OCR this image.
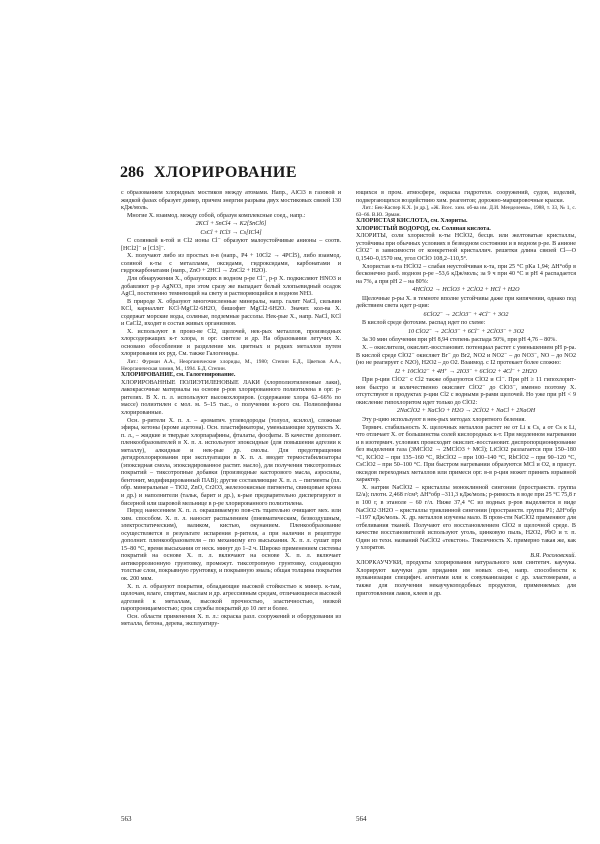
286 ХЛОРИРОВАНИЕ

с образованием хлоридных мостиков между атомами. Напр., AlCl3 в газовой и жидкой фазах образует димер, причем энергия разрыва двух мостиковых связей 130 кДж/моль.

Многие Х. взаимод. между собой, образуя комплексные соед., напр.:

2KCl + SnCl4 → K2[SnCl6]

CsCl + ICl3 → Cs[ICl4]

С солянкой к-той и Cl2 ионы Cl⁻ образуют малоустойчивые анионы – соотв. [HCl2]⁻ и [Cl3]⁻.

Х. получают либо из простых в-в (напр., P4 + 10Cl2 → 4PCl5), либо взаимод. соляной к-ты с металлами, оксидами, гидроксидами, карбонатами и гидрокарбонатами (напр., ZnO + 2HCl → ZnCl2 + H2O).

Для обнаружения Х., образующих в водном р-ре Cl⁻, р-р Х. подкисляют HNO3 и добавляют р-р AgNO3, при этом сразу же выпадает белый хлопьевидный осадок AgCl, постепенно темнеющий на свету и растворяющийся в водном NH3.

В природе Х. образуют многочисленные минералы, напр. галит NaCl, сильвин KCl, карналлит KCl·MgCl2·6H2O, бишофит MgCl2·6H2O. Значит. кол-ва Х. содержат морские воды, соляные, подземные рассолы. Нек-рые Х., напр. NaCl, KCl и CaCl2, входят в состав живых организмов.

Х. используют в произ-ве Cl2, щелочей, нек-рых металлов, производных хлорсодержащих к-т хлора, в орг. синтезе и др. На образовании летучих Х. основано обособление и разделение мн. цветных и редких металлов путем хлорирования их руд. См. также Галогениды.

Лит.: Фурман А.А., Неорганические хлориды, М., 1980; Степин Б.Д., Цветков А.А., Неорганическая химия, М., 1994. Б.Д. Степин.

ХЛОРИРОВАНИЕ, см. Галогенирование.

ХЛОРИРОВАННЫЕ ПОЛИЭТИЛЕНОВЫЕ ЛАКИ (хлорполиэтиленовые лаки), лакокрасочные материалы на основе р-ров хлорированного полиэтилена в орг. р-рителях. В Х. п. л. используют высокохлориров. (содержание хлора 62–66% по массе) полиэтилен с мол. м. 5–15 тыс., о получении к-рого см. Полиолефины хлорированные.

Осн. р-рители Х. п. л. – ароматич. углеводороды (толуол, ксилол), сложные эфиры, кетоны (кроме ацетона). Осн. пластификаторы, уменьшающие хрупкость Х. п. л., – жидкие и твердые хлорпарафины, фталаты, фосфаты. В качестве дополнит. пленкообразователей в Х. п. л. используют эпоксидные (для повышения адгезии к металлу), алкидные и нек-рые др. смолы. Для предотвращения дегидрохлорирования при эксплуатации в Х. п. л. вводят термостабилизаторы (эпоксидная смола, эпоксидированное растит. масло), для получения тиксотропных покрытий – тиксотропные добавки (производные касторового масла, аэросилы, бентонит, модифицированный ПАВ); другие составляющие Х. п. л. – пигменты (пл. обр. минеральные – TiO2, ZnO, Cr2O3, железоокисные пигменты, свинцовые крона и др.) и наполнители (тальк, барит и др.), к-рые предварительно диспергируют в бисерной или шаровой мельнице в р-ре хлорированного полиэтилена.

Перед нанесением Х. п. л. окрашиваемую пов-сть тщательно очищают мех. или хим. способом. Х. п. л. наносят распылением (пневматическим, безвоздушным, электростатическим), валиком, кистью, окунанием. Пленкообразование осуществляется в результате испарения р-рителя, а при наличии в рецептуре дополнит. пленкообразователя – по механизму его высыхания. Х. п. л. сушат при 15–80 °C, время высыхания от неск. минут до 1–2 ч. Широко применением системы покрытий на основе Х. п. л. включают на основе Х. п. л. включает антикоррозионную грунтовку, промежут. тиксотропную грунтовку, создающую толстые слои, покрывную грунтовку, и покрывную эмаль; общая толщина покрытия ок. 200 мкм.

Х. п. л. образуют покрытия, обладающие высокой стойкостью к минер. к-там, щелочам, влаге, спиртам, маслам и др. агрессивным средам, отличающиеся высокой адгезией к металлам, высокой прочностью, эластичностью, низкой паропроницаемостью; срок службы покрытий до 10 лет и более.

Осн. области применения Х. п. л.: окраска разл. сооружений и оборудования из металла, бетона, дерева, эксплуатиру-

ющихся в пром. атмосфере, окраска гидротехн. сооружений, судов, изделий, подвергающихся воздействию хим. реагентов; дорожно-маркировочные краски.

Лит.: Бек-Каспер К.Х. [и др.], «Ж. Всес. хим. об-ва им. Д.И. Менделеева», 1988, т. 33, № 1, с. 63–66. В.Ю. Эрман.

ХЛОРИСТАЯ КИСЛОТА, см. Хлориты.

ХЛОРИСТЫЙ ВОДОРОД, см. Соляная кислота.

ХЛОРИТЫ, соли хлористой к-ты HClO2, бесцв. или желтоватые кристаллы, устойчивы при обычных условиях в безводном состоянии и в водном р-ре. В анионе ClO2⁻ в зависимости от конкретной кристаллич. решетки длина связей Cl—O 0,1540–0,1570 нм, угол OClO 108,2–110,5°.

Хлористая к-та HClO2 – слабая неустойчивая к-та, при 25 °C pKa 1,94; ΔH°обр в бесконечно разб. водном р-ре –53,6 кДж/моль; за 9 ч при 40 °C и pH 4 распадается на 7%, а при pH 2 – на 80%:

4HClO2 → HClO3 + 2ClO2 + HCl + H2O

Щелочные р-ры Х. в темноте вполне устойчивы даже при кипячении, однако под действием света идет р-ция:

6ClO2⁻ → 2ClO3⁻ + 4Cl⁻ + 3O2

В кислой среде фотохим. распад идет по схеме:

10 ClO2⁻ → 2ClO3⁻ + 6Cl⁻ + 2ClO3⁻ + 3O2

За 30 мин облучения при pH 8,94 степень распада 50%, при pH 4,76 – 80%.

Х. – окислители, окислит.-восстановит. потенциал растет с уменьшением pH р-ра. В кислой среде ClO2⁻ окисляет Br⁻ до Br2, NO2 и NO2⁻ – до NO3⁻, NO – до NO2 (но не реагирует с N2O), H2O2 – до O2. Взаимод. с I2 протекает более сложно:

I2 + 10ClO2⁻ + 4H⁺ → 2IO3⁻ + 6ClO2 + 4Cl⁻ + 2H2O

При р-ции ClO2⁻ с Cl2 также образуются ClO2 и Cl⁻. При pH ≥ 11 гипохлорит-ион быстро и количественно окисляет ClO2⁻ до ClO3⁻, именно поэтому Х. отсутствуют в продуктах р-ции Cl2 с водными р-рами щелочей. Но уже при pH < 9 окисление гипохлоритом идет только до ClO2:

2NaClO2 + NaClO + H2O → 2ClO2 + NaCl + 2NaOH

Эту р-цию используют в нек-рых методах хлоритного беления.

Термич. стабильность Х. щелочных металлов растет не от Li к Cs, а от Cs к Li, что отличает Х. от большинства солей кислородных к-т. При медленном нагревании и в изотермич. условиях происходит окислит.-восстановит. диспропорционирование без выделения газа (3MClO2 → 2MClO3 + MCl); LiClO2 разлагается при 150–180 °C, KClO2 – при 135–160 °C, RbClO2 – при 100–140 °C, RbClO2 – при 90–120 °C, CsClO2 – при 50–100 °C. При быстром нагревании образуются MCl и O2, в присут. оксидов переходных металлов или примеси орг. в-в р-ция может принять взрывной характер.

Х. натрия NaClO2 – кристаллы моноклинной сингонии (пространств. группа I2/a); плотн. 2,468 г/см³; ΔH°обр –311,3 кДж/моль; р-римость в воде при 25 °C 75,8 г в 100 г, в этаноле – 60 г/л. Ниже 37,4 °C из водных р-ров выделяется в виде NaClO2·3H2O – кристаллы триклинной сингонии (пространств. группа P1; ΔH°обр –1197 кДж/моль. Х. др. металлов изучены мало. В пром-сти NaClO2 применяют для отбеливания тканей. Получают его восстановлением ClO2 в щелочной среде. В качестве восстановителей используют уголь, цинковую пыль, H2O2, PbO и т. п. Один из техн. названий NaClO2 «текстон». Токсичность Х. примерно такая же, как у хлоратов.

В.Я. Росоловский.

ХЛОРКАУЧУКИ, продукты хлорирования натурального или синтетич. каучука. Хлорируют каучуки для придания им новых св-в, напр. способности к вулканизации специфич. агентами или к совулканизации с др. эластомерами, а также для получения некаучукоподобных продуктов, применяемых для приготовления лаков, клеев и др.

563	564
